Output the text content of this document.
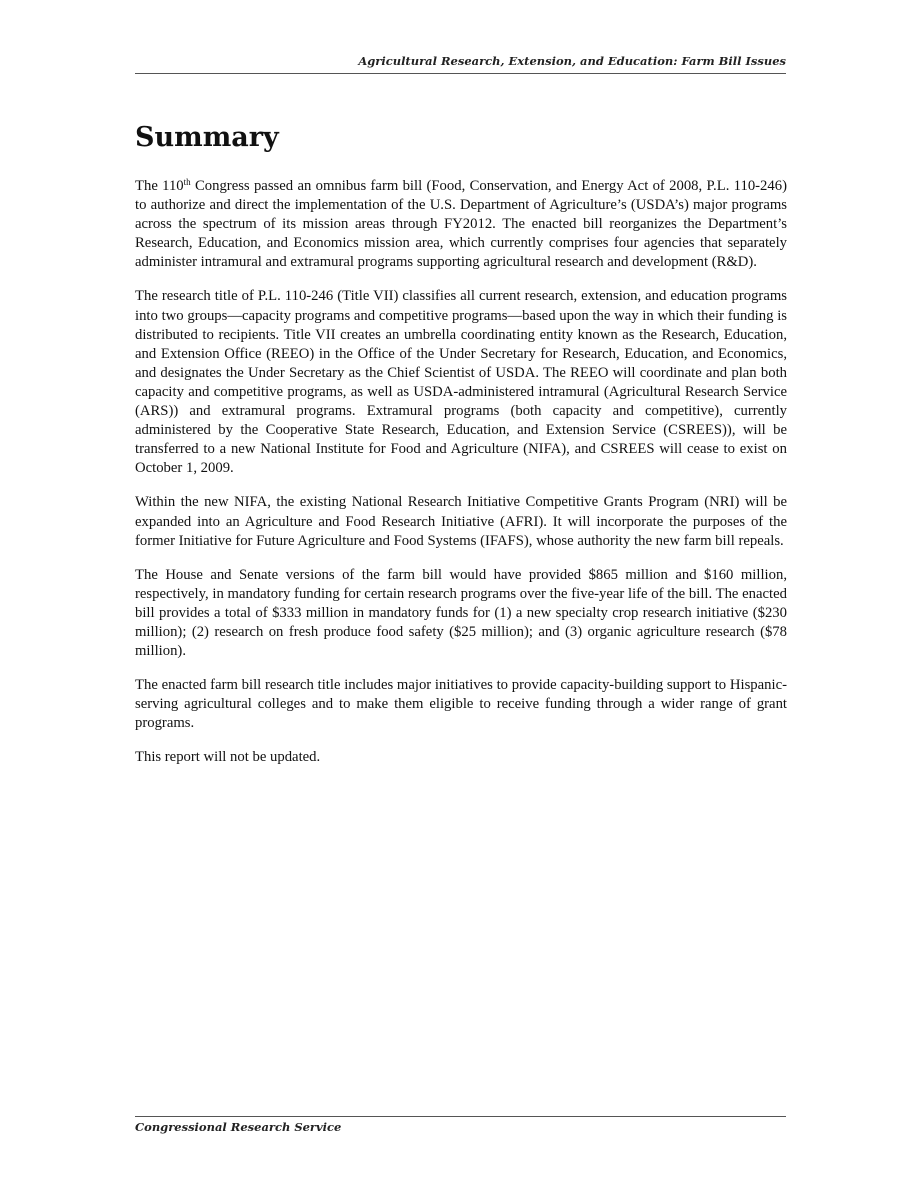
Agricultural Research, Extension, and Education: Farm Bill Issues
Summary

The 110th Congress passed an omnibus farm bill (Food, Conservation, and Energy Act of 2008, P.L. 110-246) to authorize and direct the implementation of the U.S. Department of Agriculture’s (USDA’s) major programs across the spectrum of its mission areas through FY2012. The enacted bill reorganizes the Department’s Research, Education, and Economics mission area, which currently comprises four agencies that separately administer intramural and extramural programs supporting agricultural research and development (R&D).

The research title of P.L. 110-246 (Title VII) classifies all current research, extension, and education programs into two groups—capacity programs and competitive programs—based upon the way in which their funding is distributed to recipients. Title VII creates an umbrella coordinating entity known as the Research, Education, and Extension Office (REEO) in the Office of the Under Secretary for Research, Education, and Economics, and designates the Under Secretary as the Chief Scientist of USDA. The REEO will coordinate and plan both capacity and competitive programs, as well as USDA-administered intramural (Agricultural Research Service (ARS)) and extramural programs. Extramural programs (both capacity and competitive), currently administered by the Cooperative State Research, Education, and Extension Service (CSREES)), will be transferred to a new National Institute for Food and Agriculture (NIFA), and CSREES will cease to exist on October 1, 2009.

Within the new NIFA, the existing National Research Initiative Competitive Grants Program (NRI) will be expanded into an Agriculture and Food Research Initiative (AFRI). It will incorporate the purposes of the former Initiative for Future Agriculture and Food Systems (IFAFS), whose authority the new farm bill repeals.

The House and Senate versions of the farm bill would have provided $865 million and $160 million, respectively, in mandatory funding for certain research programs over the five-year life of the bill. The enacted bill provides a total of $333 million in mandatory funds for (1) a new specialty crop research initiative ($230 million); (2) research on fresh produce food safety ($25 million); and (3) organic agriculture research ($78 million).

The enacted farm bill research title includes major initiatives to provide capacity-building support to Hispanic-serving agricultural colleges and to make them eligible to receive funding through a wider range of grant programs.

This report will not be updated.

Congressional Research Service
